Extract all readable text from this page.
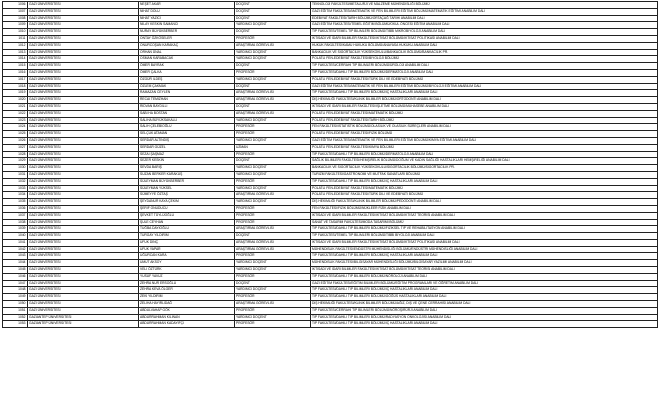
1006	GAZİ ÜNİVERSİTESİ	NEŞET AKAR	DOÇENT	TEKNOLOJİ FAKÜLTESİ/METALURJİ VE MALZEME MÜHENDİSLİĞİ BÖLÜMÜ
1007	GAZİ ÜNİVERSİTESİ	NİHAT DOLU	DOÇENT	GAZİ EĞİTİM FAKÜLTESİ/MATEMATİK VE FEN BİLİMLERİ EĞİTİMİ BÖLÜMÜ/MATEMATİK EĞİTİMİ ANABİLİM DALI
1008	GAZİ ÜNİVERSİTESİ	NİHAT YAZICI	DOÇENT	EDEBİYAT FAKÜLTESİ/TARİH BÖLÜMÜ/ORTAÇAĞ TARİHİ ANABİLİM DALI
1009	GAZİ ÜNİVERSİTESİ	NİLAY KESKİN SAMANCI	YARDIMCI DOÇENT	GAZİ EĞİTİM FAKÜLTESİ/TEMEL EĞİTİM BÖLÜMÜ/OKUL ÖNCESİ EĞİTİM ANABİLİM DALI
1010	GAZİ ÜNİVERSİTESİ	NURAY BÜYÜKBERBER	DOÇENT	TIP FAKÜLTESİ/TEMEL TIP BİLİMLERİ BÖLÜMÜ/TIBBİ MİKROBİYOLOJİ ANABİLİM DALI
1011	GAZİ ÜNİVERSİTESİ	ONTAY ÖZKÖSELER	PROFESÖR	İKTİSADİ VE İDARİ BİLİMLER FAKÜLTESİ/İKTİSAT BÖLÜMÜ/İKTİSAT POLİTİKASI ANABİLİM DALI
1012	GAZİ ÜNİVERSİTESİ	ONURCOŞAN KARAKAÇ	ARAŞTIRMA GÖREVLİSİ	HUKUK FAKÜLTESİ/KAMU HUKUKU BÖLÜMÜ/ANAYASA HUKUKU ANABİLİM DALI
1013	GAZİ ÜNİVERSİTESİ	ORHAN ÜNAL	YARDIMCI DOÇENT	BANKACILIK VE SİGORTACILIK YÜKSEKOKULU/BANKACILIK BÖLÜMÜ/BANKACILIK PR.
1014	GAZİ ÜNİVERSİTESİ	OSMAN KARABACAK	YARDIMCI DOÇENT	POLATLI FEN-EDEBİYAT FAKÜLTESİ/BİYOLOJİ BÖLÜMÜ
1015	GAZİ ÜNİVERSİTESİ	ÖMER BAYRAK	DOÇENT	TIP FAKÜLTESİ/CERRAHİ TIP BİLİMLERİ BÖLÜMÜ/ÜROLOJİ ANABİLİM DALI
1016	GAZİ ÜNİVERSİTESİ	ÖMER ÇALKA	PROFESÖR	TIP FAKÜLTESİ/DAHİLİ TIP BİLİMLERİ BÖLÜMÜ/DERMATOLOJİ ANABİLİM DALI
1017	GAZİ ÜNİVERSİTESİ	ÖZGÜR İLDEŞ	YARDIMCI DOÇENT	POLATLI FEN-EDEBİYAT FAKÜLTESİ/TÜRK DİLİ VE EDEBİYATI BÖLÜMÜ
1018	GAZİ ÜNİVERSİTESİ	ÖZLEM ÇAKMAK	DOÇENT	GAZİ EĞİTİM FAKÜLTESİ/MATEMATİK VE FEN BİLİMLERİ EĞİTİMİ BÖLÜMÜ/BİYOLOJİ EĞİTİMİ ANABİLİM DALI
1019	GAZİ ÜNİVERSİTESİ	RAMAZAN CEYLEN	ARAŞTIRMA GÖREVLİSİ	TIP FAKÜLTESİ/DAHİLİ TIP BİLİMLERİ BÖLÜMÜ/İÇ HASTALIKLARI ANABİLİM DALI
1020	GAZİ ÜNİVERSİTESİ	RECAİ TEMİZHAN	ARAŞTIRMA GÖREVLİSİ	DİŞ HEKİMLİĞİ FAKÜLTESİ/KLİNİK BİLİMLER BÖLÜMÜ/ORTODONTİ ANABİLİM DALI
1021	GAZİ ÜNİVERSİTESİ	RIDVAN BAYDİLLİ	DOÇENT	İKTİSADİ VE İDARİ BİLİMLER FAKÜLTESİ/İŞLETME BÖLÜMÜ/MUHASEBE ANABİLİM DALI
1022	GAZİ ÜNİVERSİTESİ	SABİ HA BOSTAN	ARAŞTIRMA GÖREVLİSİ	POLATLI FEN-EDEBİYAT FAKÜLTESİ/MATEMATİK BÖLÜMÜ
1023	GAZİ ÜNİVERSİTESİ	SALİHA BÜYÜKSAKALLI	YARDIMCI DOÇENT	POLATLI FEN-EDEBİYAT FAKÜLTESİ/TARİH BÖLÜMÜ
1024	GAZİ ÜNİVERSİTESİ	SALİH ÇELEBİOĞLU	PROFESÖR	FEN FAKÜLTESİ/İSTATİSTİK BÖLÜMÜ/OLASILIK VE OLASILIK SÜREÇLERİ ANABİLİM DALI
1025	GAZİ ÜNİVERSİTESİ	SELÇUK ATAMAN	PROFESÖR	POLATLI FEN-EDEBİYAT FAKÜLTESİ/FİZİK BÖLÜMÜ
1026	GAZİ ÜNİVERSİTESİ	SERDAR ALTINDİŞ	YARDIMCI DOÇENT	GAZİ EĞİTİM FAKÜLTESİ/MATEMATİK VE FEN BİLİMLERİ EĞİTİMİ BÖLÜMÜ/KİMYA EĞİTİMİ ANABİLİM DALI
1027	GAZİ ÜNİVERSİTESİ	SERDAR GÜZEL	UZMAN	POLATLI FEN-EDEBİYAT FAKÜLTESİ/KİMYA BÖLÜMÜ
1028	GAZİ ÜNİVERSİTESİ	SEZAİ ŞAŞMAZ	PROFESÖR	TIP FAKÜLTESİ/DAHİLİ TIP BİLİMLERİ BÖLÜMÜ/DERMATOLOJİ ANABİLİM DALI
1029	GAZİ ÜNİVERSİTESİ	SEZER KESKİN	DOÇENT	SAĞLIK BİLİMLERİ FAKÜLTESİ/HEMŞİRELİK BÖLÜMÜ/DOĞUM VE KADIN SAĞLIĞI HASTALIKLARI HEMŞİRELİĞİ ANABİLİM DALI
1030	GAZİ ÜNİVERSİTESİ	SEVDA BARIŞ	YARDIMCI DOÇENT	BANKACILIK VE SİGORTACILIK YÜKSEKOKULU/SİGORTACILIK BÖLÜMÜ/SİGORTACILIK PR.
1031	GAZİ ÜNİVERSİTESİ	SUZAN BERKER KARAKUŞ	YARDIMCI DOÇENT	TURİZM FAKÜLTESİ/GASTRONOMİ VE MUTFAK SANATLARI BÖLÜMÜ
1032	GAZİ ÜNİVERSİTESİ	SÜLEYMAN BÜYÜKBERBER	PROFESÖR	TIP FAKÜLTESİ/DAHİLİ TIP BİLİMLERİ BÖLÜMÜ/İÇ HASTALIKLARI ANABİLİM DALI
1033	GAZİ ÜNİVERSİTESİ	SÜLEYMAN YÜKSEL	YARDIMCI DOÇENT	POLATLI FEN-EDEBİYAT FAKÜLTESİ/MATEMATİK BÖLÜMÜ
1034	GAZİ ÜNİVERSİTESİ	SÜMEYYE ÖZTAŞ	ARAŞTIRMA GÖREVLİSİ	POLATLI FEN-EDEBİYAT FAKÜLTESİ/TÜRK DİLİ VE EDEBİYATI BÖLÜMÜ
1035	GAZİ ÜNİVERSİTESİ	ŞEYDANUR KAYA ÇEKİM	YARDIMCI DOÇENT	DİŞ HEKİMLİĞİ FAKÜLTESİ/KLİNİK BİLİMLER BÖLÜMÜ/PEDODONTİ ANABİLİM DALI
1036	GAZİ ÜNİVERSİTESİ	ŞERİF ONUDUCU	PROFESÖR	FEN FAKÜLTESİ/FİZİK BÖLÜMÜ/NÜKLEER FİZİK ANABİLİM DALI
1037	GAZİ ÜNİVERSİTESİ	ŞEVKET TÜYLÜOĞLU	PROFESÖR	İKTİSADİ VE İDARİ BİLİMLER FAKÜLTESİ/İKTİSAT BÖLÜMÜ/İKTİSAT TEORİSİ ANABİLİM DALI
1038	GAZİ ÜNİVERSİTESİ	ŞULE CEYHAN	PROFESÖR	SANAT VE TASARIM FAKÜLTESİ/MODA TASARIMI BÖLÜMÜ
1039	GAZİ ÜNİVERSİTESİ	TUĞBA DAYIOĞLU	ARAŞTIRMA GÖREVLİSİ	TIP FAKÜLTESİ/DAHİLİ TIP BİLİMLERİ BÖLÜMÜ/FİZİKSEL TIP VE REHABİLİTASYON ANABİLİM DALI
1040	GAZİ ÜNİVERSİTESİ	TURGAY YILDIRIM	DOÇENT	TIP FAKÜLTESİ/TEMEL TIP BİLİMLERİ BÖLÜMÜ/TIBBİ BİYOLOJİ ANABİLİM DALI
1041	GAZİ ÜNİVERSİTESİ	UFUK DİNÇ	ARAŞTIRMA GÖREVLİSİ	İKTİSADİ VE İDARİ BİLİMLER FAKÜLTESİ/İKTİSAT BÖLÜMÜ/İKTİSAT POLİTİKASI ANABİLİM DALI
1042	GAZİ ÜNİVERSİTESİ	UFUK YAPAR	ARAŞTIRMA GÖREVLİSİ	MÜHENDİSLİK FAKÜLTESİ/ENDÜSTRİ MÜHENDİSLİĞİ BÖLÜMÜ/ENDÜSTRİ MÜHENDİSLİĞİ ANABİLİM DALI
1043	GAZİ ÜNİVERSİTESİ	UĞURCAN KARA	PROFESÖR	TIP FAKÜLTESİ/DAHİLİ TIP BİLİMLERİ BÖLÜMÜ/İÇ HASTALIKLARI ANABİLİM DALI
1044	GAZİ ÜNİVERSİTESİ	UMUT AKSOY	YARDIMCI DOÇENT	MÜHENDİSLİK FAKÜLTESİ/BİLGİSAYAR MÜHENDİSLİĞİ BÖLÜMÜ/BİLGİSAYAR YAZILIMI ANABİLİM DALI
1045	GAZİ ÜNİVERSİTESİ	VELİ ÖZTÜRK	YARDIMCI DOÇENT	İKTİSADİ VE İDARİ BİLİMLER FAKÜLTESİ/İKTİSAT BÖLÜMÜ/İKTİSAT TEORİSİ ANABİLİM DALI
1046	GAZİ ÜNİVERSİTESİ	YUSUF YAVUZ	PROFESÖR	TIP FAKÜLTESİ/DAHİLİ TIP BİLİMLERİ BÖLÜMÜ/NÖROLOJİ ANABİLİM DALI
1047	GAZİ ÜNİVERSİTESİ	ZEHRA NUR ERSOĞLU	DOÇENT	GAZİ EĞİTİM FAKÜLTESİ/EĞİTİM BİLİMLERİ BÖLÜMÜ/EĞİTİM PROGRAMLARI VE ÖĞRETİM ANABİLİM DALI
1048	GAZİ ÜNİVERSİTESİ	ZEHRA KEVA ÖLGER	YARDIMCI DOÇENT	TIP FAKÜLTESİ/DAHİLİ TIP BİLİMLERİ BÖLÜMÜ/İÇ HASTALIKLARI ANABİLİM DALI
1049	GAZİ ÜNİVERSİTESİ	ZEKİ YILDIRIM	PROFESÖR	TIP FAKÜLTESİ/DAHİLİ TIP BİLİMLERİ BÖLÜMÜ/GÖĞÜS HASTALIKLARI ANABİLİM DALI
1050	GAZİ ÜNİVERSİTESİ	ZELİHA HAYIRLIDAĞ	ARAŞTIRMA GÖREVLİSİ	DİŞ HEKİMLİĞİ FAKÜLTESİ/KLİNİK BİLİMLER BÖLÜMÜ/AĞIZ, DİŞ VE ÇENE CERRAHİSİ ANABİLİM DALI
1051	GAZİ ÜNİVERSİTESİ	ABDULVAHAP GÖK	PROFESÖR	TIP FAKÜLTESİ/CERRAHİ TIP BİLİMLERİ BÖLÜMÜ/NÖROŞİRÜRJİ ANABİLİM DALI
1052	GAZİANTEP ÜNİVERSİTESİ	ABDURRAHMAN KILINAN	YARDIMCI DOÇENT	TIP FAKÜLTESİ/DAHİLİ TIP BİLİMLERİ BÖLÜMÜ/RADYASYON ONKOLOJİSİ ANABİLİM DALI
1053	GAZİANTEP ÜNİVERSİTESİ	ABDURRAHMAN KADAYIFÇI	PROFESÖR	TIP FAKÜLTESİ/DAHİLİ TIP BİLİMLERİ BÖLÜMÜ/İÇ HASTALIKLARI ANABİLİM DALI
